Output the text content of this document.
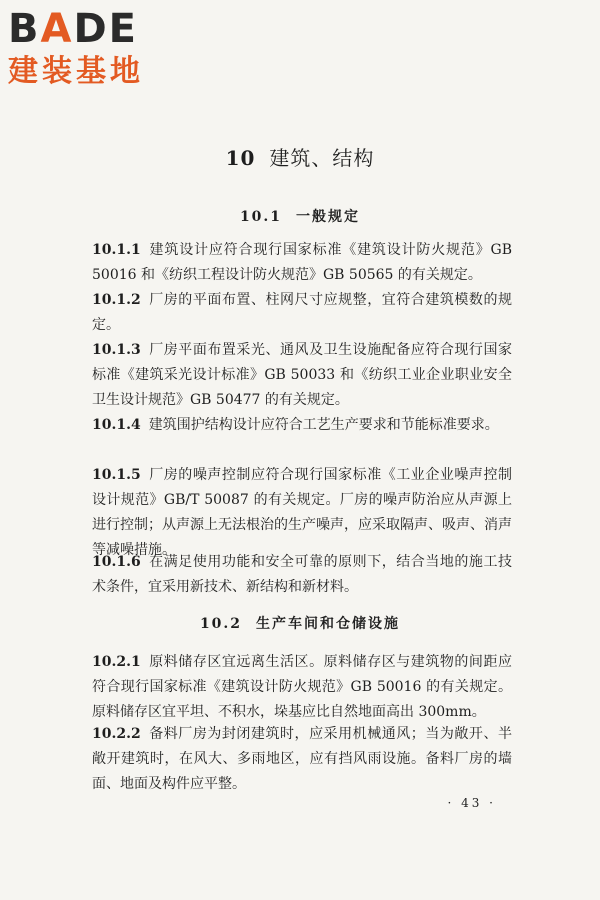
BADE
建装基地
10 建筑、结构
10.1 一般规定
10.1.1 建筑设计应符合现行国家标准《建筑设计防火规范》GB 50016 和《纺织工程设计防火规范》GB 50565 的有关规定。
10.1.2 厂房的平面布置、柱网尺寸应规整，宜符合建筑模数的规定。
10.1.3 厂房平面布置采光、通风及卫生设施配备应符合现行国家标准《建筑采光设计标准》GB 50033 和《纺织工业企业职业安全卫生设计规范》GB 50477 的有关规定。
10.1.4 建筑围护结构设计应符合工艺生产要求和节能标准要求。
10.1.5 厂房的噪声控制应符合现行国家标准《工业企业噪声控制设计规范》GB/T 50087 的有关规定。厂房的噪声防治应从声源上进行控制；从声源上无法根治的生产噪声，应采取隔声、吸声、消声等减噪措施。
10.1.6 在满足使用功能和安全可靠的原则下，结合当地的施工技术条件，宜采用新技术、新结构和新材料。
10.2 生产车间和仓储设施
10.2.1 原料储存区宜远离生活区。原料储存区与建筑物的间距应符合现行国家标准《建筑设计防火规范》GB 50016 的有关规定。原料储存区宜平坦、不积水，垛基应比自然地面高出 300mm。
10.2.2 备料厂房为封闭建筑时，应采用机械通风；当为敞开、半敞开建筑时，在风大、多雨地区，应有挡风雨设施。备料厂房的墙面、地面及构件应平整。
· 43 ·
